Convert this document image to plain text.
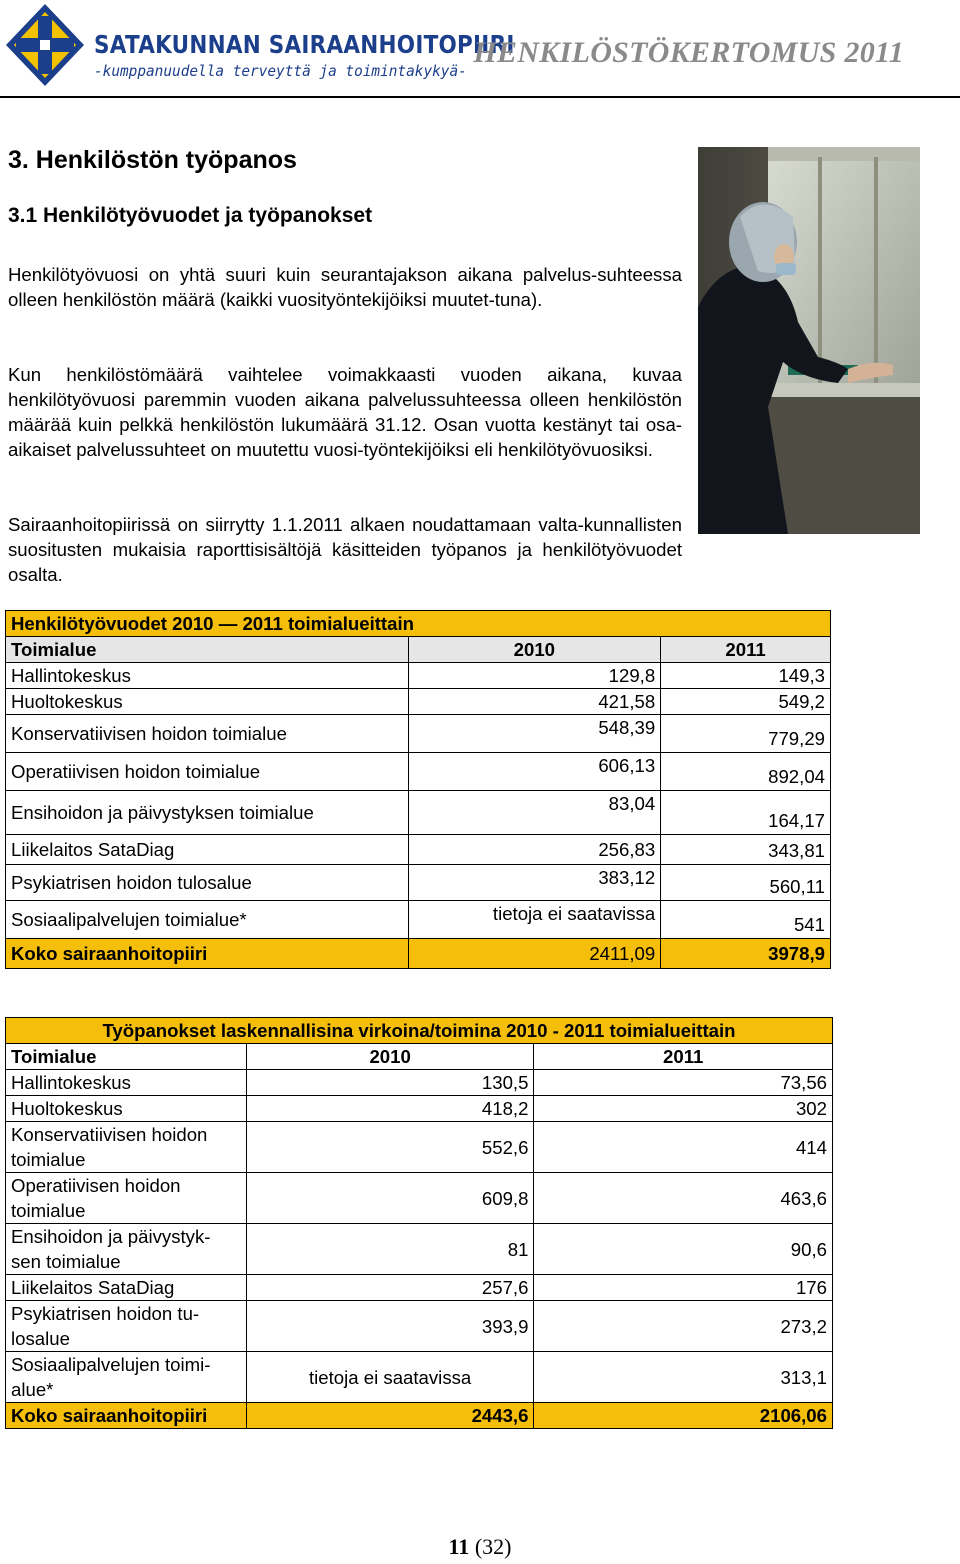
SATAKUNNAN SAIRAANHOITOPIIRI
-kumppanuudella terveyttä ja toimintakykyä-
HENKILÖSTÖKERTOMUS 2011
3. Henkilöstön työpanos
3.1 Henkilötyövuodet ja työpanokset
Henkilötyövuosi on yhtä suuri kuin seurantajakson aikana palvelus-suhteessa olleen henkilöstön määrä (kaikki vuosityöntekijöiksi muutet-tuna).
Kun henkilöstömäärä vaihtelee voimakkaasti vuoden aikana, kuvaa henkilötyövuosi paremmin vuoden aikana palvelussuhteessa olleen henkilöstön määrää kuin pelkkä henkilöstön lukumäärä 31.12. Osan vuotta kestänyt tai osa-aikaiset palvelussuhteet on muutettu vuosi-työntekijöiksi eli henkilötyövuosiksi.
Sairaanhoitopiirissä on siirrytty 1.1.2011 alkaen noudattamaan valta-kunnallisten suositusten mukaisia raporttisisältöjä käsitteiden työpanos ja henkilötyövuodet osalta.
Henkilötyövuodet 2010 — 2011 toimialueittain		
Toimialue	2010	2011
Hallintokeskus	129,8	149,3
Huoltokeskus	421,58	549,2
Konservatiivisen hoidon toimialue	548,39	779,29
Operatiivisen hoidon toimialue	606,13	892,04
Ensihoidon ja päivystyksen toimialue	83,04	164,17
Liikelaitos SataDiag	256,83	343,81
Psykiatrisen hoidon tulosalue	383,12	560,11
Sosiaalipalvelujen toimialue*	tietoja ei saatavissa	541
Koko sairaanhoitopiiri	2411,09	3978,9
Työpanokset laskennallisina virkoina/toimina 2010 - 2011 toimialueittain		
Toimialue	2010	2011
Hallintokeskus	130,5	73,56
Huoltokeskus	418,2	302

Konservatiivisen hoidon
toimialue	552,6	414

Operatiivisen hoidon
toimialue	609,8	463,6

Ensihoidon ja päivystyk-
sen toimialue	81	90,6
Liikelaitos SataDiag	257,6	176

Psykiatrisen hoidon tu-
losalue	393,9	273,2

Sosiaalipalvelujen toimi-
alue*	tietoja ei saatavissa	313,1
Koko sairaanhoitopiiri	2443,6	2106,06
11 (32)
